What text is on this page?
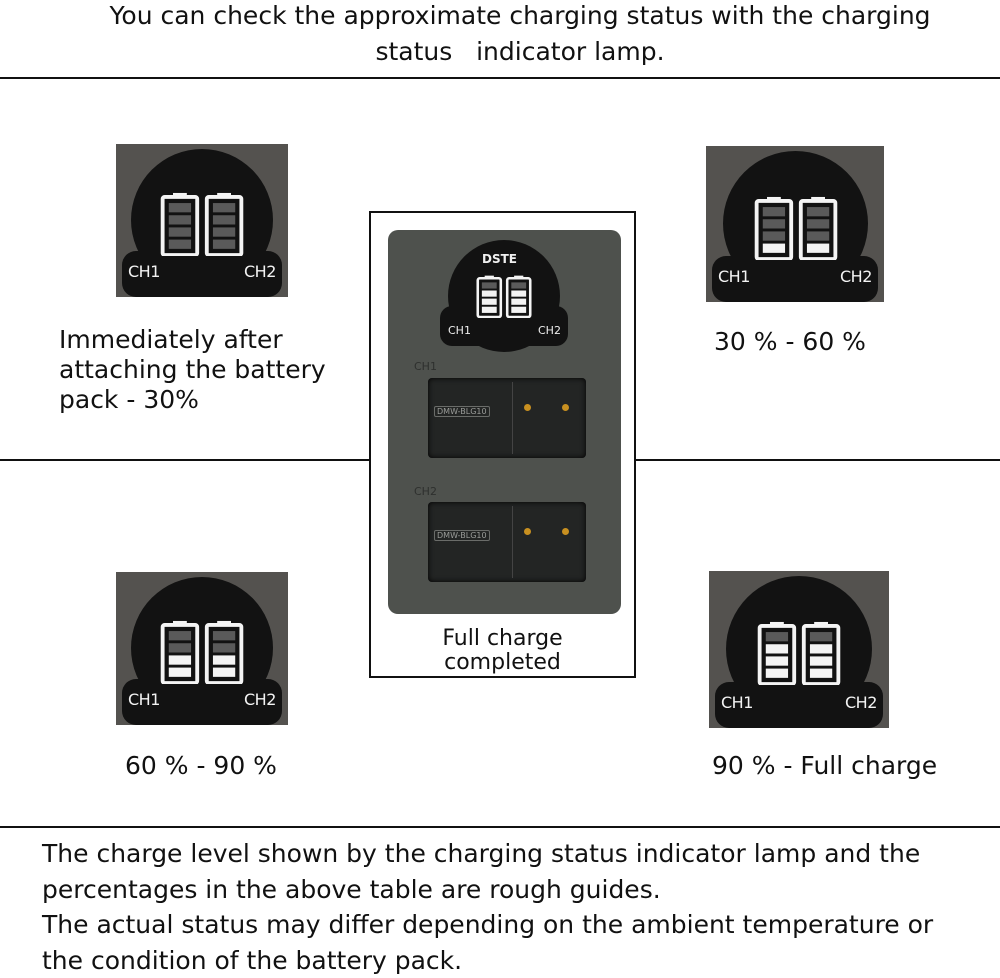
You can check the approximate charging status with the charging
status   indicator lamp.
CH1	CH2
Immediately after
attaching the battery
pack - 30%
CH1	CH2
30 % - 60 %
CH1	CH2
60 % - 90 %
CH1	CH2
90 % - Full charge
DSTE
CH1	CH2
CH1
DMW-BLG10
CH2
DMW-BLG10
Full charge
completed
The charge level shown by the charging status indicator lamp and the
percentages in the above table are rough guides.
The actual status may differ depending on the ambient temperature or
the condition of the battery pack.
